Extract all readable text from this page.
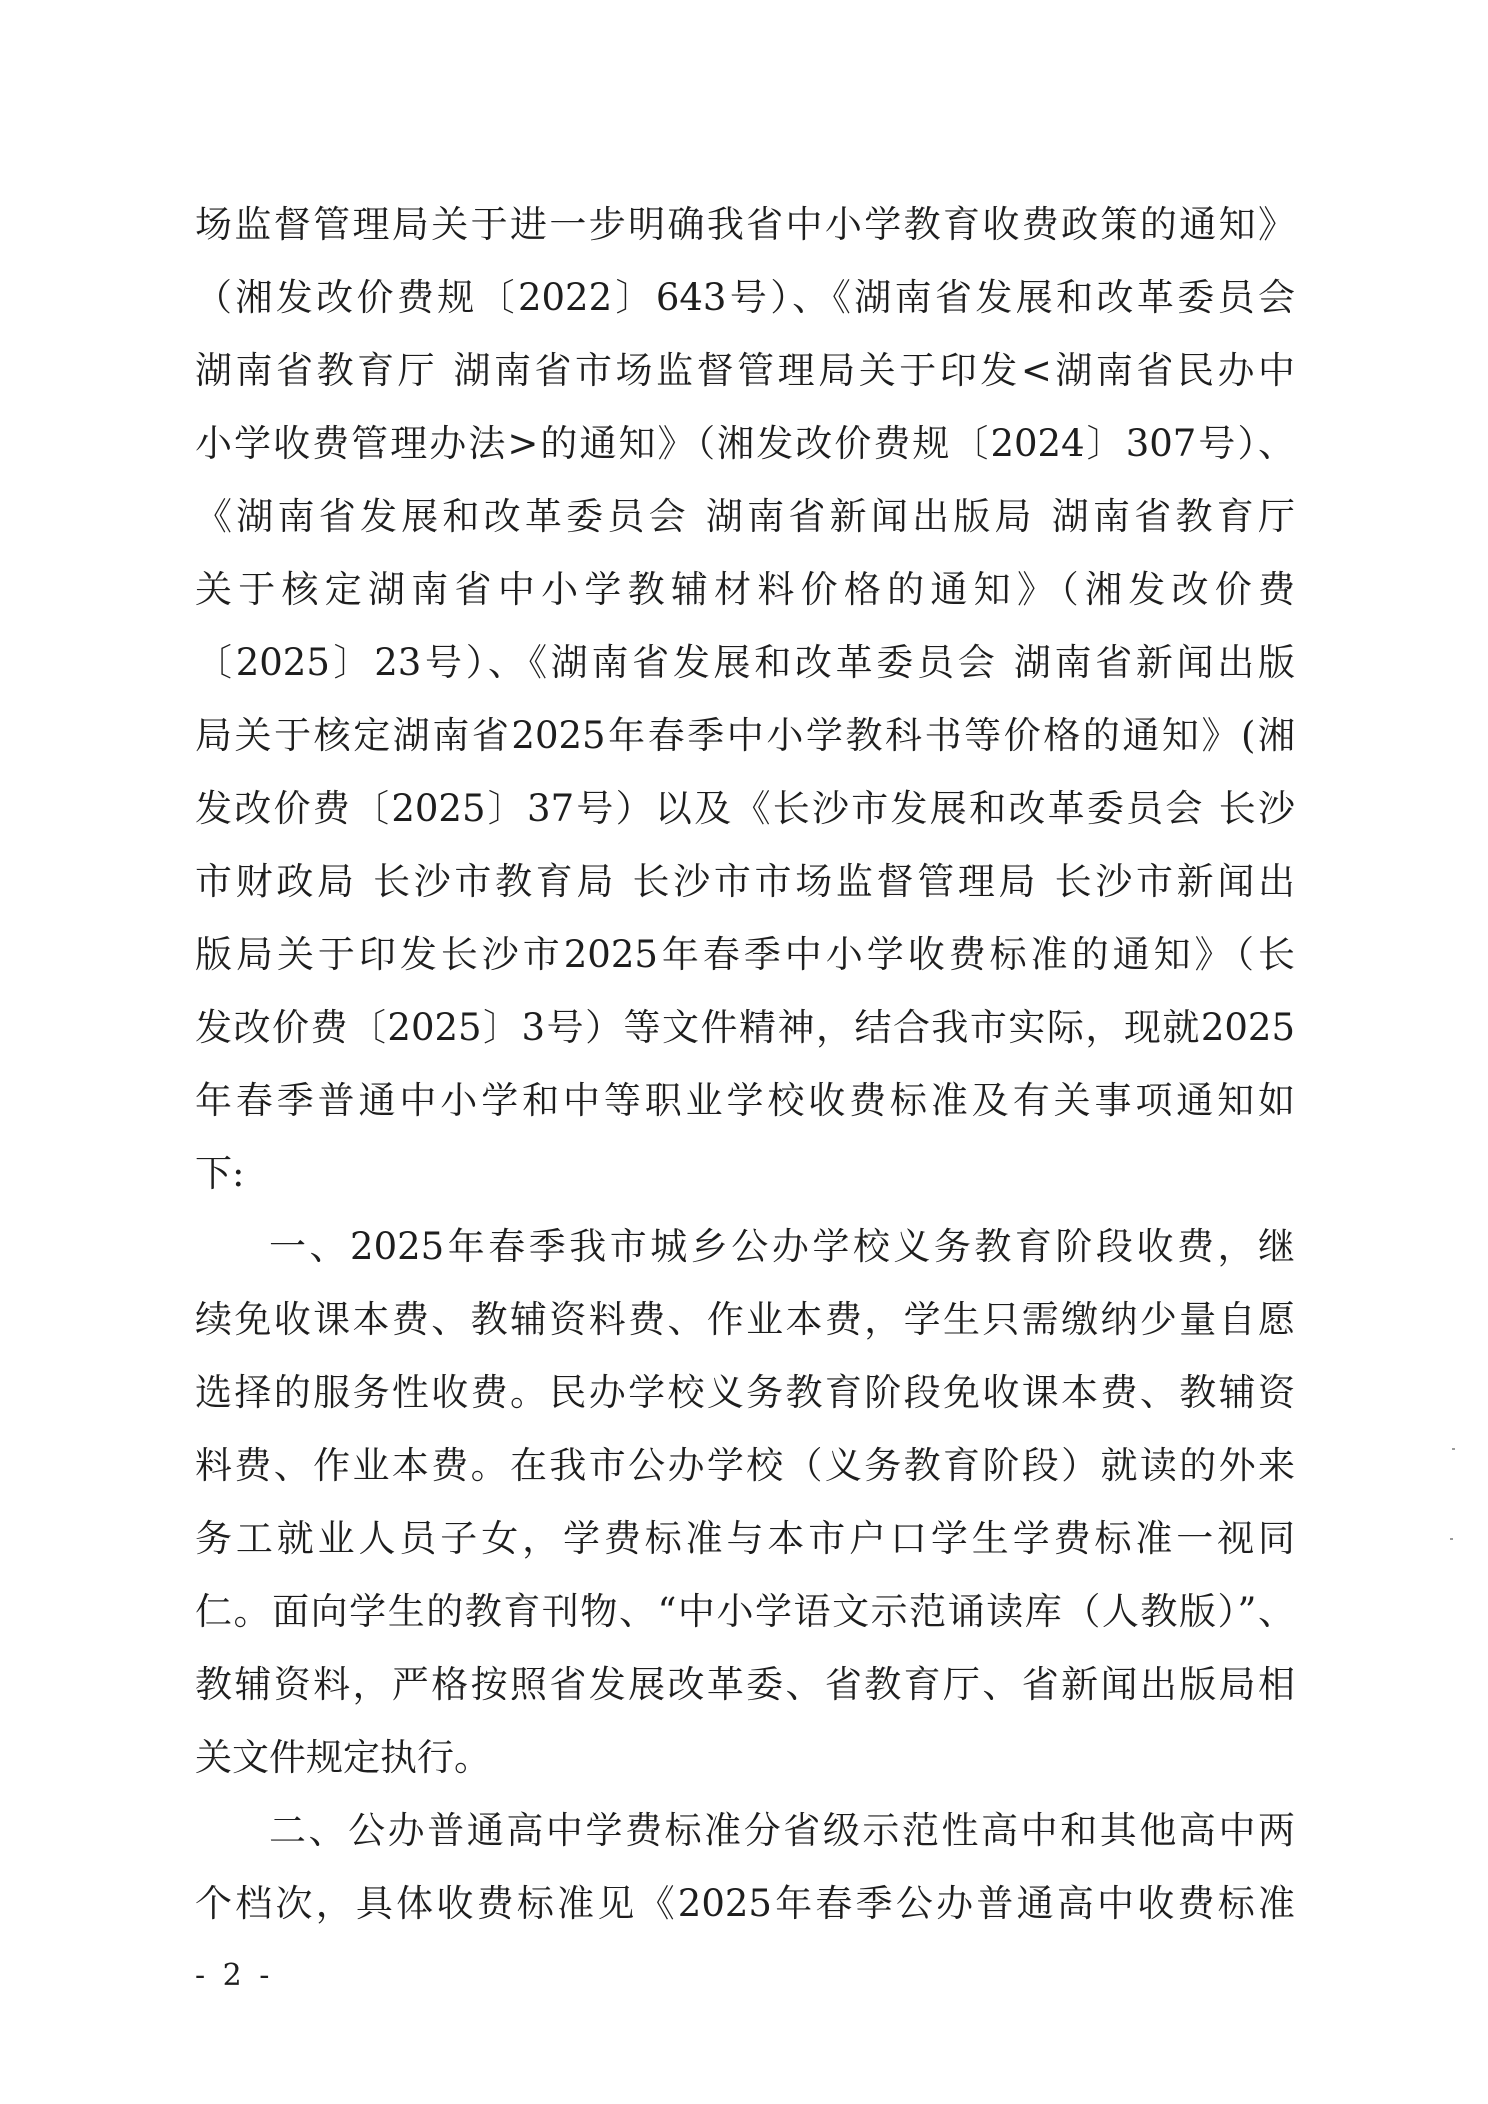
场监督管理局关于进一步明确我省中小学教育收费政策的通知》
（湘发改价费规〔2022〕643号）、《湖南省发展和改革委员会
湖南省教育厅 湖南省市场监督管理局关于印发<湖南省民办中
小学收费管理办法>的通知》（湘发改价费规〔2024〕307号）、
《湖南省发展和改革委员会 湖南省新闻出版局 湖南省教育厅
关于核定湖南省中小学教辅材料价格的通知》（湘发改价费
〔2025〕23号）、《湖南省发展和改革委员会 湖南省新闻出版
局关于核定湖南省2025年春季中小学教科书等价格的通知》(湘
发改价费〔2025〕37号）以及《长沙市发展和改革委员会 长沙
市财政局 长沙市教育局 长沙市市场监督管理局 长沙市新闻出
版局关于印发长沙市2025年春季中小学收费标准的通知》（长
发改价费〔2025〕3号）等文件精神，结合我市实际，现就2025
年春季普通中小学和中等职业学校收费标准及有关事项通知如
下:
一、2025年春季我市城乡公办学校义务教育阶段收费，继
续免收课本费、教辅资料费、作业本费，学生只需缴纳少量自愿
选择的服务性收费。民办学校义务教育阶段免收课本费、教辅资
料费、作业本费。在我市公办学校（义务教育阶段）就读的外来
务工就业人员子女，学费标准与本市户口学生学费标准一视同
仁。面向学生的教育刊物、“中小学语文示范诵读库（人教版）”、
教辅资料，严格按照省发展改革委、省教育厅、省新闻出版局相
关文件规定执行。
二、公办普通高中学费标准分省级示范性高中和其他高中两
个档次，具体收费标准见《2025年春季公办普通高中收费标准
- 2 -
